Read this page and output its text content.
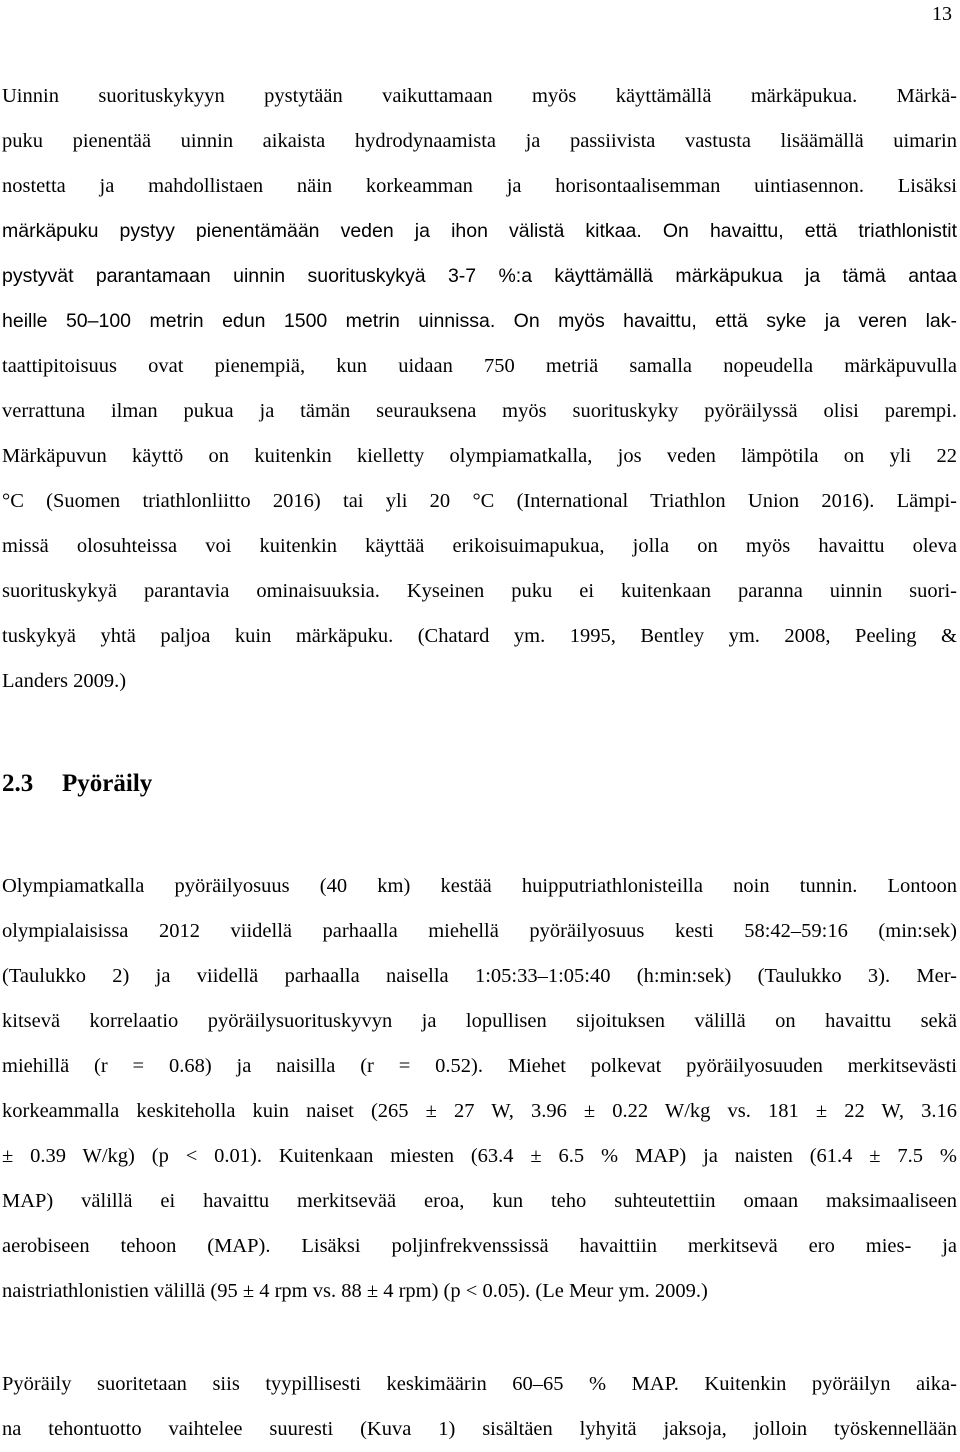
13

Uinnin suorituskykyyn pystytään vaikuttamaan myös käyttämällä märkäpukua. Märkä-
puku pienentää uinnin aikaista hydrodynaamista ja passiivista vastusta lisäämällä uimarin
nostetta ja mahdollistaen näin korkeamman ja horisontaalisemman uintiasennon. Lisäksi
märkäpuku pystyy pienentämään veden ja ihon välistä kitkaa. On havaittu, että triathlonistit
pystyvät parantamaan uinnin suorituskykyä 3-7 %:a käyttämällä märkäpukua ja tämä antaa
heille 50–100 metrin edun 1500 metrin uinnissa. On myös havaittu, että syke ja veren lak-
taattipitoisuus ovat pienempiä, kun uidaan 750 metriä samalla nopeudella märkäpuvulla
verrattuna ilman pukua ja tämän seurauksena myös suorituskyky pyöräilyssä olisi parempi.
Märkäpuvun käyttö on kuitenkin kielletty olympiamatkalla, jos veden lämpötila on yli 22
°C (Suomen triathlonliitto 2016) tai yli 20 °C (International Triathlon Union 2016). Lämpi-
missä olosuhteissa voi kuitenkin käyttää erikoisuimapukua, jolla on myös havaittu oleva
suorituskykyä parantavia ominaisuuksia. Kyseinen puku ei kuitenkaan paranna uinnin suori-
tuskykyä yhtä paljoa kuin märkäpuku. (Chatard ym. 1995, Bentley ym. 2008, Peeling &
Landers 2009.)

2.3 Pyöräily

Olympiamatkalla pyöräilyosuus (40 km) kestää huipputriathlonisteilla noin tunnin. Lontoon
olympialaisissa 2012 viidellä parhaalla miehellä pyöräilyosuus kesti 58:42–59:16 (min:sek)
(Taulukko 2) ja viidellä parhaalla naisella 1:05:33–1:05:40 (h:min:sek) (Taulukko 3). Mer-
kitsevä korrelaatio pyöräilysuorituskyvyn ja lopullisen sijoituksen välillä on havaittu sekä
miehillä (r = 0.68) ja naisilla (r = 0.52). Miehet polkevat pyöräilyosuuden merkitsevästi
korkeammalla keskiteholla kuin naiset (265 ± 27 W, 3.96 ± 0.22 W/kg vs. 181 ± 22 W, 3.16
± 0.39 W/kg) (p < 0.01). Kuitenkaan miesten (63.4 ± 6.5 % MAP) ja naisten (61.4 ± 7.5 %
MAP) välillä ei havaittu merkitsevää eroa, kun teho suhteutettiin omaan maksimaaliseen
aerobiseen tehoon (MAP). Lisäksi poljinfrekvenssissä havaittiin merkitsevä ero mies- ja
naistriathlonistien välillä (95 ± 4 rpm vs. 88 ± 4 rpm) (p < 0.05). (Le Meur ym. 2009.)

Pyöräily suoritetaan siis tyypillisesti keskimäärin 60–65 % MAP. Kuitenkin pyöräilyn aika-
na tehontuotto vaihtelee suuresti (Kuva 1) sisältäen lyhyitä jaksoja, jolloin työskennellään
